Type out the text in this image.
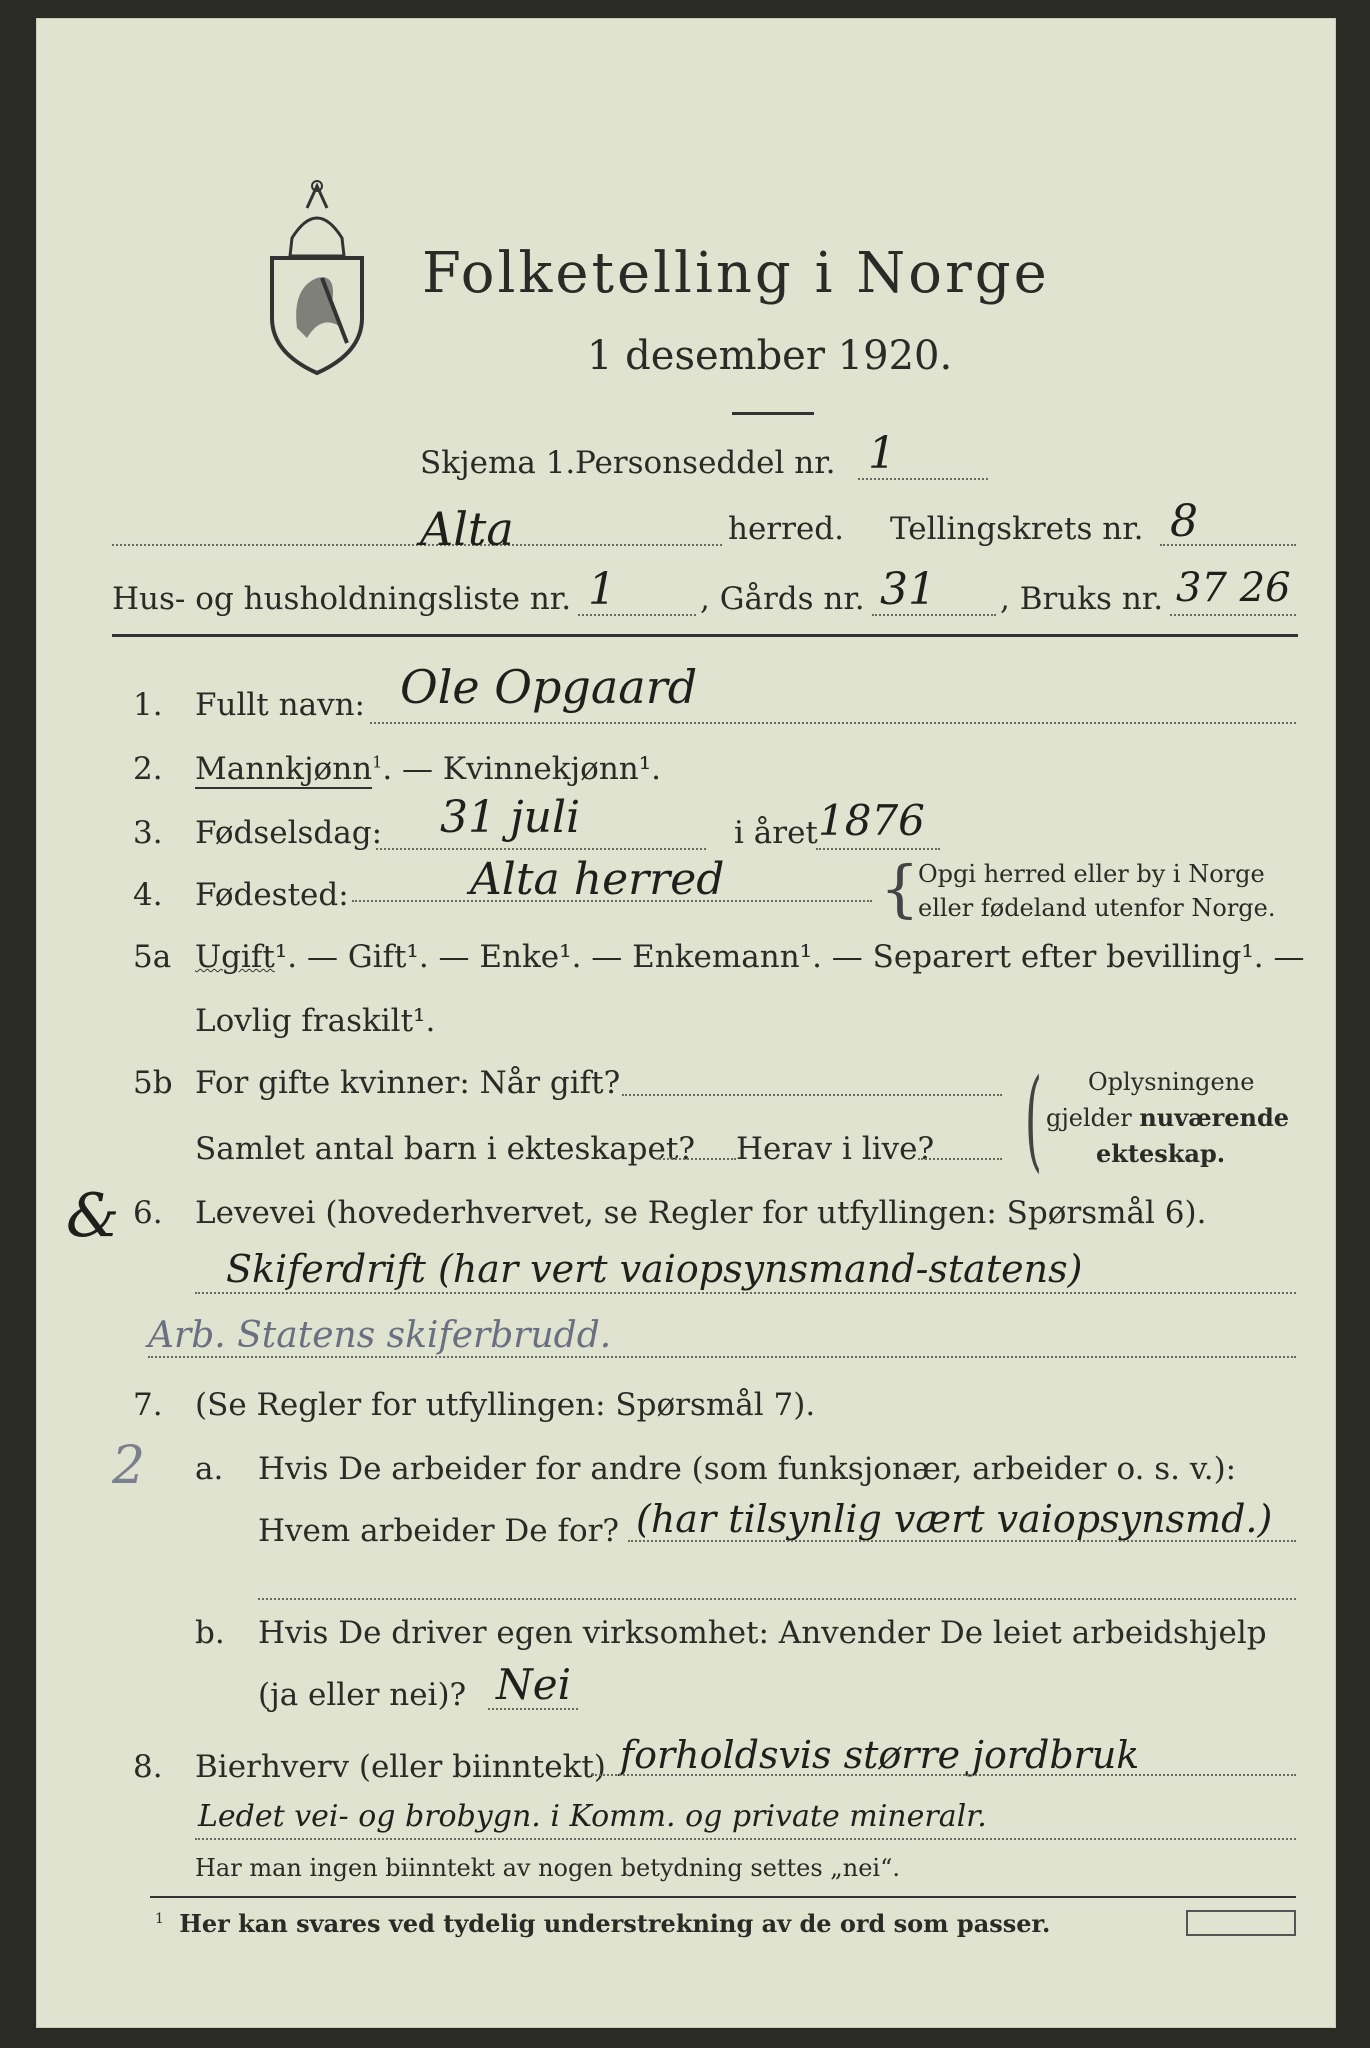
Folketelling i Norge
1 desember 1920.
Skjema 1. Personseddel nr. 1
Alta	herred. Tellingskrets nr. 8
Hus- og husholdningsliste nr. 1	, Gårds nr. 31 , Bruks nr. 37 26
1. Fullt navn: Ole Opgaard
2. Mannkjønn$^1$. — Kvinnekjønn¹.
3. Fødselsdag: 31 juli	i året 1876
4. Fødested:	Alta herred	{
Opgi herred eller by i Norge
eller fødeland utenfor Norge.
5a Ugift¹. — Gift¹. — Enke¹. — Enkemann¹. — Separert efter bevilling¹. —
Lovlig fraskilt¹.
5b For gifte kvinner: Når gift?
Samlet antal barn i ekteskapet? Herav i live? ( Oplysningene
gjelder nuværende
ekteskap.
& 6. Levevei (hovederhvervet, se Regler for utfyllingen: Spørsmål 6).
Skiferdrift (har vert vaiopsynsmand-statens)
Arb. Statens skiferbrudd.
7. (Se Regler for utfyllingen: Spørsmål 7).
2 a. Hvis De arbeider for andre (som funksjonær, arbeider o. s. v.):
Hvem arbeider De for? (har tilsynlig vært vaiopsynsmd.)
b. Hvis De driver egen virksomhet: Anvender De leiet arbeidshjelp
(ja eller nei)? Nei
8. Bierhverv (eller biinntekt) forholdsvis større jordbruk
Ledet vei- og brobygn. i Komm. og private mineralr.
Har man ingen biinntekt av nogen betydning settes „nei“.
$^1$ Her kan svares ved tydelig understrekning av de ord som passer.
